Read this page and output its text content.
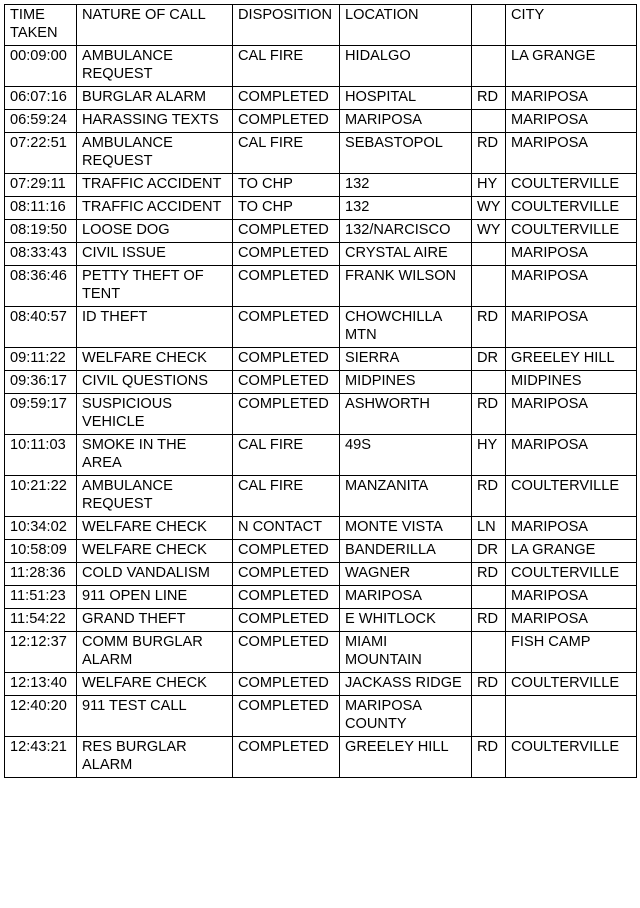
TIME TAKEN	NATURE OF CALL	DISPOSITION	LOCATION		CITY
00:09:00	AMBULANCE REQUEST	CAL FIRE	HIDALGO		LA GRANGE
06:07:16	BURGLAR ALARM	COMPLETED	HOSPITAL	RD	MARIPOSA
06:59:24	HARASSING TEXTS	COMPLETED	MARIPOSA		MARIPOSA
07:22:51	AMBULANCE REQUEST	CAL FIRE	SEBASTOPOL	RD	MARIPOSA
07:29:11	TRAFFIC ACCIDENT	TO CHP	132	HY	COULTERVILLE
08:11:16	TRAFFIC ACCIDENT	TO CHP	132	WY	COULTERVILLE
08:19:50	LOOSE DOG	COMPLETED	132/NARCISCO	WY	COULTERVILLE
08:33:43	CIVIL ISSUE	COMPLETED	CRYSTAL AIRE		MARIPOSA
08:36:46	PETTY THEFT OF TENT	COMPLETED	FRANK WILSON		MARIPOSA
08:40:57	ID THEFT	COMPLETED	CHOWCHILLA MTN	RD	MARIPOSA
09:11:22	WELFARE CHECK	COMPLETED	SIERRA	DR	GREELEY HILL
09:36:17	CIVIL QUESTIONS	COMPLETED	MIDPINES		MIDPINES
09:59:17	SUSPICIOUS VEHICLE	COMPLETED	ASHWORTH	RD	MARIPOSA
10:11:03	SMOKE IN THE AREA	CAL FIRE	49S	HY	MARIPOSA
10:21:22	AMBULANCE REQUEST	CAL FIRE	MANZANITA	RD	COULTERVILLE
10:34:02	WELFARE CHECK	N CONTACT	MONTE VISTA	LN	MARIPOSA
10:58:09	WELFARE CHECK	COMPLETED	BANDERILLA	DR	LA GRANGE
11:28:36	COLD VANDALISM	COMPLETED	WAGNER	RD	COULTERVILLE
11:51:23	911 OPEN LINE	COMPLETED	MARIPOSA		MARIPOSA
11:54:22	GRAND THEFT	COMPLETED	E WHITLOCK	RD	MARIPOSA
12:12:37	COMM BURGLAR ALARM	COMPLETED	MIAMI MOUNTAIN		FISH CAMP
12:13:40	WELFARE CHECK	COMPLETED	JACKASS RIDGE	RD	COULTERVILLE
12:40:20	911 TEST CALL	COMPLETED	MARIPOSA COUNTY		
12:43:21	RES BURGLAR ALARM	COMPLETED	GREELEY HILL	RD	COULTERVILLE
